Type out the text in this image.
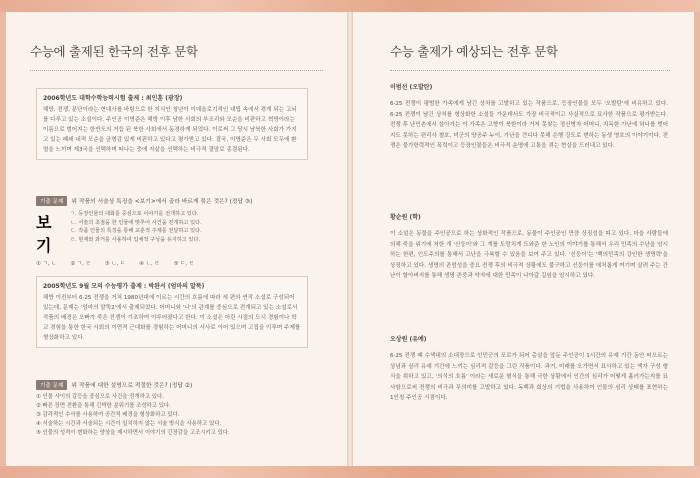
수능에 출제된 한국의 전후 문학
2006학년도 대학수학능력시험 출제 : 최인훈 (광장)
해방, 전쟁, 분단이라는 현대사를 바탕으로 한 지식인 청년이 이데올로기적인 대립 속에서 겪게 되는 고뇌를 다루고 있는 소설이다. 주인공 이명준은 해방 이후 남한 사회의 부조리와 모순을 비판하고 혁명이라는 이름으로 벌어지는 한반도의 거듭 된 북한 사회에서 동경하게 되었다. 이로써 그 당시 남북한 사회가 가지고 있는 폐쇄 내적 모순을 균형감 있게 비판하고 있다고 평가받고 있다. 결국, 이명준은 두 사회 모두에 환멸을 느끼며 제3국을 선택하며 떠나는 중에 자살을 선택하는 비극적 결말로 종결된다.
기출 문제 위 작품의 서술상 특징을 <보기>에서 골라 바르게 묶은 것은? (정답 ③)
보 기
ㄱ. 등장인물의 대화를 중심으로 이야기를 전개하고 있다.
ㄴ. 서술의 초점을 한 인물에 맞추어 사건을 전개하고 있다.
ㄷ. 작품 인물의 특징을 통해 교훈적 주제를 전달하고 있다.
ㄹ. 현재와 과거를 사용하여 입체적 구성을 유지하고 있다.
① ㄱ, ㄴ	② ㄱ, ㄹ	③ ㄴ, ㄷ	④ ㄴ, ㄹ	⑤ ㄷ, ㄹ
2005학년도 9월 모의 수능평가 출제 : 박완서 (엄마의 말뚝)
해방 이전부터 6·25 전쟁을 거쳐 1980년대에 이르는 시간의 흐름에 따라 세 편의 연작 소설로 구성되어 있는데, 문제는 '엄마의 말뚝2'에서 출제되었다. 어머니와 '나'의 관계를 중심으로 전개되고 있는 소설로서 작품의 배경은 오빠가 죽은 전쟁이 기초하여 이루어졌다고 한다. 이 소설은 어린 시절의 도시 경험이나 학교 경험을 통한 한국 사회의 이면적 근대화를 경험하는 어머니의 서사로 이어 있으며 고집을 이루며 주제를 형상화하고 있다.
기출 문제 위 작품에 대한 설명으로 적절한 것은? (정답 ②)
① 인물 사이의 갈등을 중심으로 사건을 전개하고 있다.
② 빠른 장면 전환을 통해 긴박한 분위기를 조성하고 있다.
③ 감각적인 수사를 사용하여 공간적 배경을 형상화하고 있다.
④ 서술하는 시간과 서술되는 시간이 일치하지 않는 서술 방식을 사용하고 있다.
⑤ 인물의 성격이 변화하는 양상을 제시하면서 이야기의 긴장감을 고조시키고 있다.
수능 출제가 예상되는 전후 문학
이범선 (오발탄)
6·25 전쟁이 평범한 가족에게 남긴 상처를 고발하고 있는 작품으로, 등장인물들 모두 '오발탄'에 비유하고 있다. 6·25 전쟁이 남긴 상처를 형상화한 소설들 가운데서도 가장 비극적이고 사실적으로 묘사한 작품으로 평가받는다. 전쟁 후 난민촌에서 살아가는 이 가족은 고향이 북한이라 거저 못찾는 정신병자 어머니, 지독한 가난에 허나를 벗어 지도 못하는 편리사 철호, 미군의 양공주 누이, 가난을 견디다 못해 은행 강도로 변하는 동생 영호의 이야기이다. 전쟁은 불가항력적인 폭력이고 등장인물들은 비극적 운명에 고통을 겪는 현실을 드러내고 있다.
황순원 (학)
이 소설은 동물을 주인공으로 하는 상화적인 작품으로, 동물이 주인공인 만큼 상징성을 띠고 있다. 마을 사람들에 의해 죽을 위기에 처한 개 '신둥이'와 그 개를 도망치게 도와준 한 노인의 이야기를 통해서 우리 민족의 수난을 암시하는 한편, 인도주의를 통해서 고난을 극복할 수 있음을 보여 주고 있다. '신둥이'는 '백의민족의 강인한 생명력'을 상징하고 있다. 생명의 존엄성을 중요 전쟁 후의 비극적 상황에도 불구하고 신둥이를 애처롭게 여기며 살려 주는 간난이 할아버지를 통해 생명 존중과 약자에 대한 민족이 나아갈 길임을 암시하고 있다.
오상원 (유예)
6·25 전쟁 때 수색대의 소대장으로 인민군의 포로가 되어 총살을 앞둔 주인공이 1시간의 유예 기간 동안 떠오르는 상념과 심리 유예 기간에 느끼는 심리적 갈등을 그린 작품이다. 과거, 미래를 오가면서 묘사하고 있는 액자 구성 형식을 취하고 있고, '의식의 흐름' 이라는 새로운 형식을 통해 극한 상황에서 인간의 심리가 어떻게 흘러가는지를 묘사함으로써 전쟁의 비극과 무의미를 고발하고 있다. 독백과 회상의 기법을 사용하여 인물의 심리 상태를 표현하는 1인칭 주인공 시점이다.
